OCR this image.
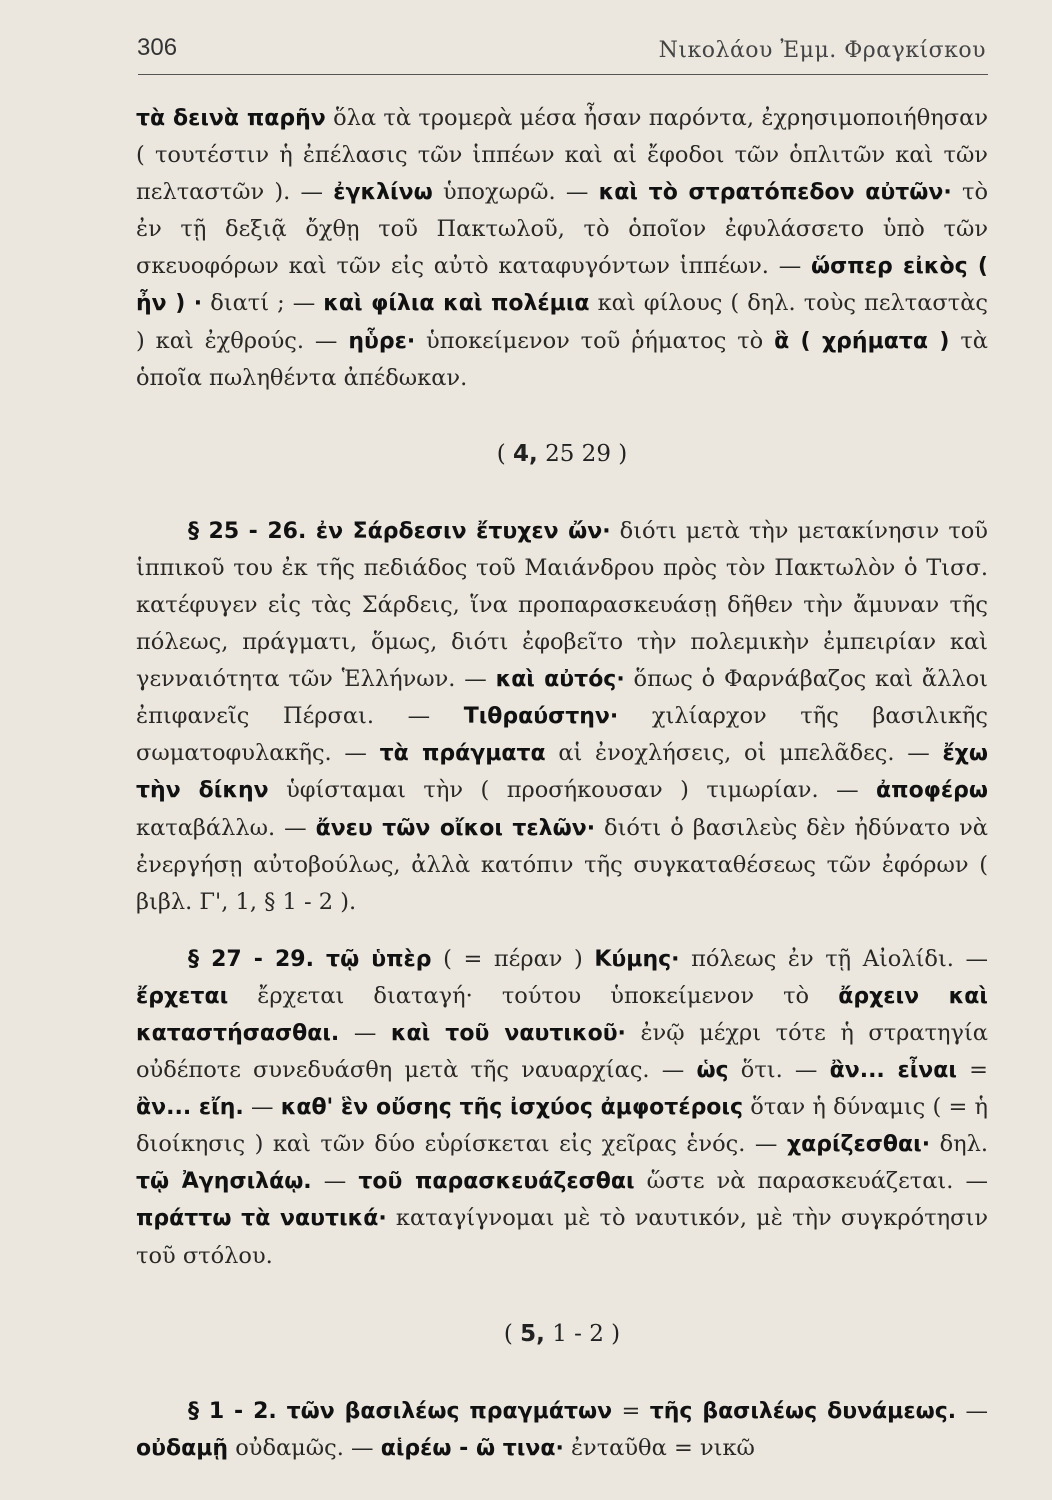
306	Νικολάου Ἐμμ. Φραγκίσκου

τὰ δεινὰ παρῆν ὅλα τὰ τρομερὰ μέσα ἦσαν παρόντα, ἐχρησιμοποιήθησαν ( τουτέστιν ἡ ἐπέλασις τῶν ἱππέων καὶ αἱ ἔφοδοι τῶν ὁπλιτῶν καὶ τῶν πελταστῶν ). — ἐγκλίνω ὑποχωρῶ. — καὶ τὸ στρατόπεδον αὐτῶν· τὸ ἐν τῇ δεξιᾷ ὄχθῃ τοῦ Πακτωλοῦ, τὸ ὁποῖον ἐφυλάσσετο ὑπὸ τῶν σκευοφόρων καὶ τῶν εἰς αὐτὸ καταφυγόντων ἱππέων. — ὥσπερ εἰκὸς ( ἦν ) · διατί ; — καὶ φίλια καὶ πολέμια καὶ φίλους ( δηλ. τοὺς πελταστὰς ) καὶ ἐχθρούς. — ηὗρε· ὑποκείμενον τοῦ ῥήματος τὸ ἃ ( χρήματα ) τὰ ὁποῖα πωληθέντα ἀπέδωκαν.

( 4, 25 29 )

§ 25 - 26. ἐν Σάρδεσιν ἔτυχεν ὤν· διότι μετὰ τὴν μετακίνησιν τοῦ ἱππικοῦ του ἐκ τῆς πεδιάδος τοῦ Μαιάνδρου πρὸς τὸν Πακτωλὸν ὁ Τισσ. κατέφυγεν εἰς τὰς Σάρδεις, ἵνα προπαρασκευάσῃ δῆθεν τὴν ἄμυναν τῆς πόλεως, πράγματι, ὅμως, διότι ἐφοβεῖτο τὴν πολεμικὴν ἐμπειρίαν καὶ γενναιότητα τῶν Ἑλλήνων. — καὶ αὐτός· ὅπως ὁ Φαρνάβαζος καὶ ἄλλοι ἐπιφανεῖς Πέρσαι. — Τιθραύστην· χιλίαρχον τῆς βασιλικῆς σωματοφυλακῆς. — τὰ πράγματα αἱ ἐνοχλήσεις, οἱ μπελᾶδες. — ἔχω τὴν δίκην ὑφίσταμαι τὴν ( προσήκουσαν ) τιμωρίαν. — ἀποφέρω καταβάλλω. — ἄνευ τῶν οἴκοι τελῶν· διότι ὁ βασιλεὺς δὲν ἠδύνατο νὰ ἐνεργήσῃ αὐτοβούλως, ἀλλὰ κατόπιν τῆς συγκαταθέσεως τῶν ἐφόρων ( βιβλ. Γ', 1, § 1 - 2 ).

§ 27 - 29. τῷ ὑπὲρ ( = πέραν ) Κύμης· πόλεως ἐν τῇ Αἰολίδι. — ἔρχεται ἔρχεται διαταγή· τούτου ὑποκείμενον τὸ ἄρχειν καὶ καταστήσασθαι. — καὶ τοῦ ναυτικοῦ· ἐνῷ μέχρι τότε ἡ στρατηγία οὐδέποτε συνεδυάσθη μετὰ τῆς ναυαρχίας. — ὡς ὅτι. — ἂν... εἶναι = ἂν... εἴη. — καθ' ἓν οὔσης τῆς ἰσχύος ἀμφοτέροις ὅταν ἡ δύναμις ( = ἡ διοίκησις ) καὶ τῶν δύο εὑρίσκεται εἰς χεῖρας ἑνός. — χαρίζεσθαι· δηλ. τῷ Ἀγησιλάῳ. — τοῦ παρασκευάζεσθαι ὥστε νὰ παρασκευάζεται. — πράττω τὰ ναυτικά· καταγίγνομαι μὲ τὸ ναυτικόν, μὲ τὴν συγκρότησιν τοῦ στόλου.

( 5, 1 - 2 )

§ 1 - 2. τῶν βασιλέως πραγμάτων = τῆς βασιλέως δυνάμεως. — οὐδαμῇ οὐδαμῶς. — αἱρέω - ῶ τινα· ἐνταῦθα = νικῶ
